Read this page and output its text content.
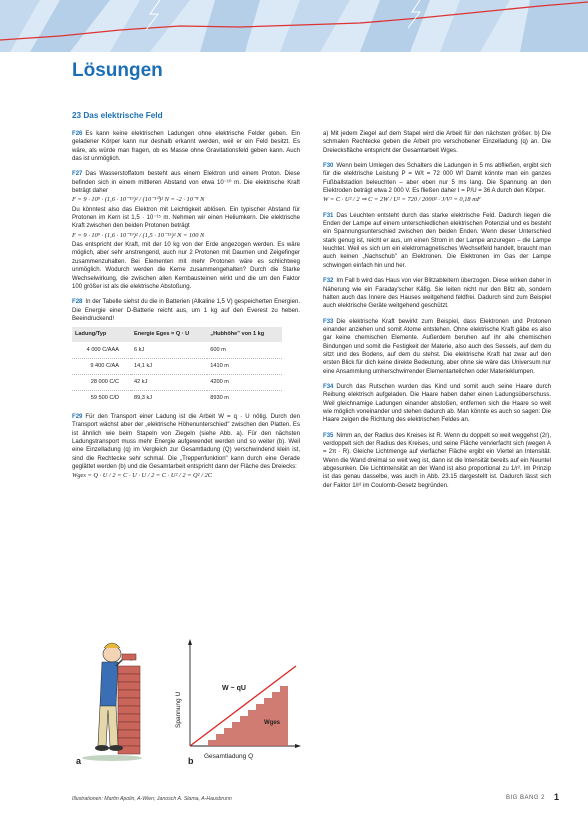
Lösungen
23 Das elektrische Feld

F26 Es kann keine elektrischen Ladungen ohne elektrische Felder geben. Ein geladener Körper kann nur deshalb erkannt werden, weil er ein Feld besitzt. Es wäre, als würde man fragen, ob es Masse ohne Gravitationsfeld geben kann. Auch das ist unmöglich.

F27 Das Wasserstoffatom besteht aus einem Elektron und einem Proton. Diese befinden sich in einem mittleren Abstand von etwa 10⁻¹⁰ m. Die elektrische Kraft beträgt daher

F = 9 · 10⁹ · (1,6 · 10⁻¹⁹)² / (10⁻¹⁰)² N = -2 · 10⁻⁸ N

Du könntest also das Elektron mit Leichtigkeit ablösen. Ein typischer Abstand für Protonen im Kern ist 1,5 · 10⁻¹⁵ m. Nehmen wir einen Heliumkern. Die elektrische Kraft zwischen den beiden Protonen beträgt

F = 9 · 10⁹ · (1,6 · 10⁻¹⁹)² / (1,5 · 10⁻¹⁵)² N = 100 N

Das entspricht der Kraft, mit der 10 kg von der Erde angezogen werden. Es wäre möglich, aber sehr anstrengend, auch nur 2 Protonen mit Daumen und Zeigefinger zusammenzuhalten. Bei Elementen mit mehr Protonen wäre es schlichtweg unmöglich. Wodurch werden die Kerne zusammengehalten? Durch die Starke Wechselwirkung, die zwischen allen Kernbausteinen wirkt und die um den Faktor 100 größer ist als die elektrische Abstoßung.

F28 In der Tabelle siehst du die in Batterien (Alkaline 1,5 V) gespeicherten Energien. Die Energie einer D-Batterie reicht aus, um 1 kg auf den Everest zu heben. Beeindruckend!

Ladung/Typ	Energie Eges = Q · U	„Hubhöhe" von 1 kg
4 000 C/AAA	6 kJ	600 m
9 400 C/AA	14,1 kJ	1410 m
28 000 C/C	42 kJ	4200 m
59 500 C/D	89,3 kJ	8930 m

F29 Für den Transport einer Ladung ist die Arbeit W = q · U nötig. Durch den Transport wächst aber der „elektrische Höhenunterschied" zwischen den Platten. Es ist ähnlich wie beim Stapeln von Ziegeln (siehe Abb. a). Für den nächsten Ladungstransport muss mehr Energie aufgewendet werden und so weiter (b). Weil eine Einzelladung (q) im Vergleich zur Gesamtladung (Q) verschwindend klein ist, sind die Rechtecke sehr schmal. Die „Treppenfunktion" kann durch eine Gerade geglättet werden (b) und die Gesamtarbeit entspricht dann der Fläche des Dreiecks:

Wges = Q · U / 2 = C · U · U / 2 = C · U² / 2 = Q² / 2C
a
Spannung U
Gesamtladung Q
W ~ qU
Wges
b

a) Mit jedem Ziegel auf dem Stapel wird die Arbeit für den nächsten größer. b) Die schmalen Rechtecke geben die Arbeit pro verschobener Einzelladung (q) an. Die Dreiecksfläche entspricht der Gesamtarbeit Wges.

F30 Wenn beim Umlegen des Schalters die Ladungen in 5 ms abfließen, ergibt sich für die elektrische Leistung P = W/t = 72 000 W! Damit könnte man ein ganzes Fußballstadion beleuchten – aber eben nur 5 ms lang. Die Spannung an den Elektroden beträgt etwa 2 000 V. Es fließen daher I = P/U = 36 A durch den Körper.

W = C · U² / 2 ⇒ C = 2W / U² = 720 / 2000² · J/V² = 0,18 mF

F31 Das Leuchten entsteht durch das starke elektrische Feld. Dadurch liegen die Enden der Lampe auf einem unterschiedlichen elektrischen Potenzial und es besteht ein Spannungsunterschied zwischen den beiden Enden. Wenn dieser Unterschied stark genug ist, reicht er aus, um einen Strom in der Lampe anzuregen – die Lampe leuchtet. Weil es sich um ein elektromagnetisches Wechselfeld handelt, braucht man auch keinen „Nachschub" an Elektronen. Die Elektronen im Gas der Lampe schwingen einfach hin und her.

F32 Im Fall b wird das Haus von vier Blitzableitern überzogen. Diese wirken daher in Näherung wie ein Faraday'scher Käfig. Sie leiten nicht nur den Blitz ab, sondern halten auch das Innere des Hauses weitgehend feldfrei. Dadurch sind zum Beispiel auch elektrische Geräte weitgehend geschützt.

F33 Die elektrische Kraft bewirkt zum Beispiel, dass Elektronen und Protonen einander anziehen und somit Atome entstehen. Ohne elektrische Kraft gäbe es also gar keine chemischen Elemente. Außerdem beruhen auf ihr alle chemischen Bindungen und somit die Festigkeit der Materie, also auch des Sessels, auf dem du sitzt und des Bodens, auf dem du stehst. Die elektrische Kraft hat zwar auf den ersten Blick für dich keine direkte Bedeutung, aber ohne sie wäre das Universum nur eine Ansammlung umherschwirrender Elementarteilchen oder Materieklumpen.

F34 Durch das Rutschen wurden das Kind und somit auch seine Haare durch Reibung elektrisch aufgeladen. Die Haare haben daher einen Ladungsüberschuss. Weil gleichnamige Ladungen einander abstoßen, entfernen sich die Haare so weit wie möglich voneinander und stehen dadurch ab. Man könnte es auch so sagen: Die Haare zeigen die Richtung des elektrischen Feldes an.

F35 Nimm an, der Radius des Kreises ist R. Wenn du doppelt so weit weggehst (2r), verdoppelt sich der Radius des Kreises, und seine Fläche vervierfacht sich (wegen A = 2π · R). Gleiche Lichtmenge auf vierfacher Fläche ergibt ein Viertel an Intensität. Wenn die Wand dreimal so weit weg ist, dann ist die Intensität bereits auf ein Neuntel abgesunken. Die Lichtintensität an der Wand ist also proportional zu 1/r². Im Prinzip ist das genau dasselbe, was auch in Abb. 23.15 dargestellt ist. Dadurch lässt sich der Faktor 1/r² im Coulomb-Gesetz begründen.

Illustrationen: Martin Apolin, A-Wien; Janosch A. Slama, A-Hausbrunn	BIG BANG 2 1
